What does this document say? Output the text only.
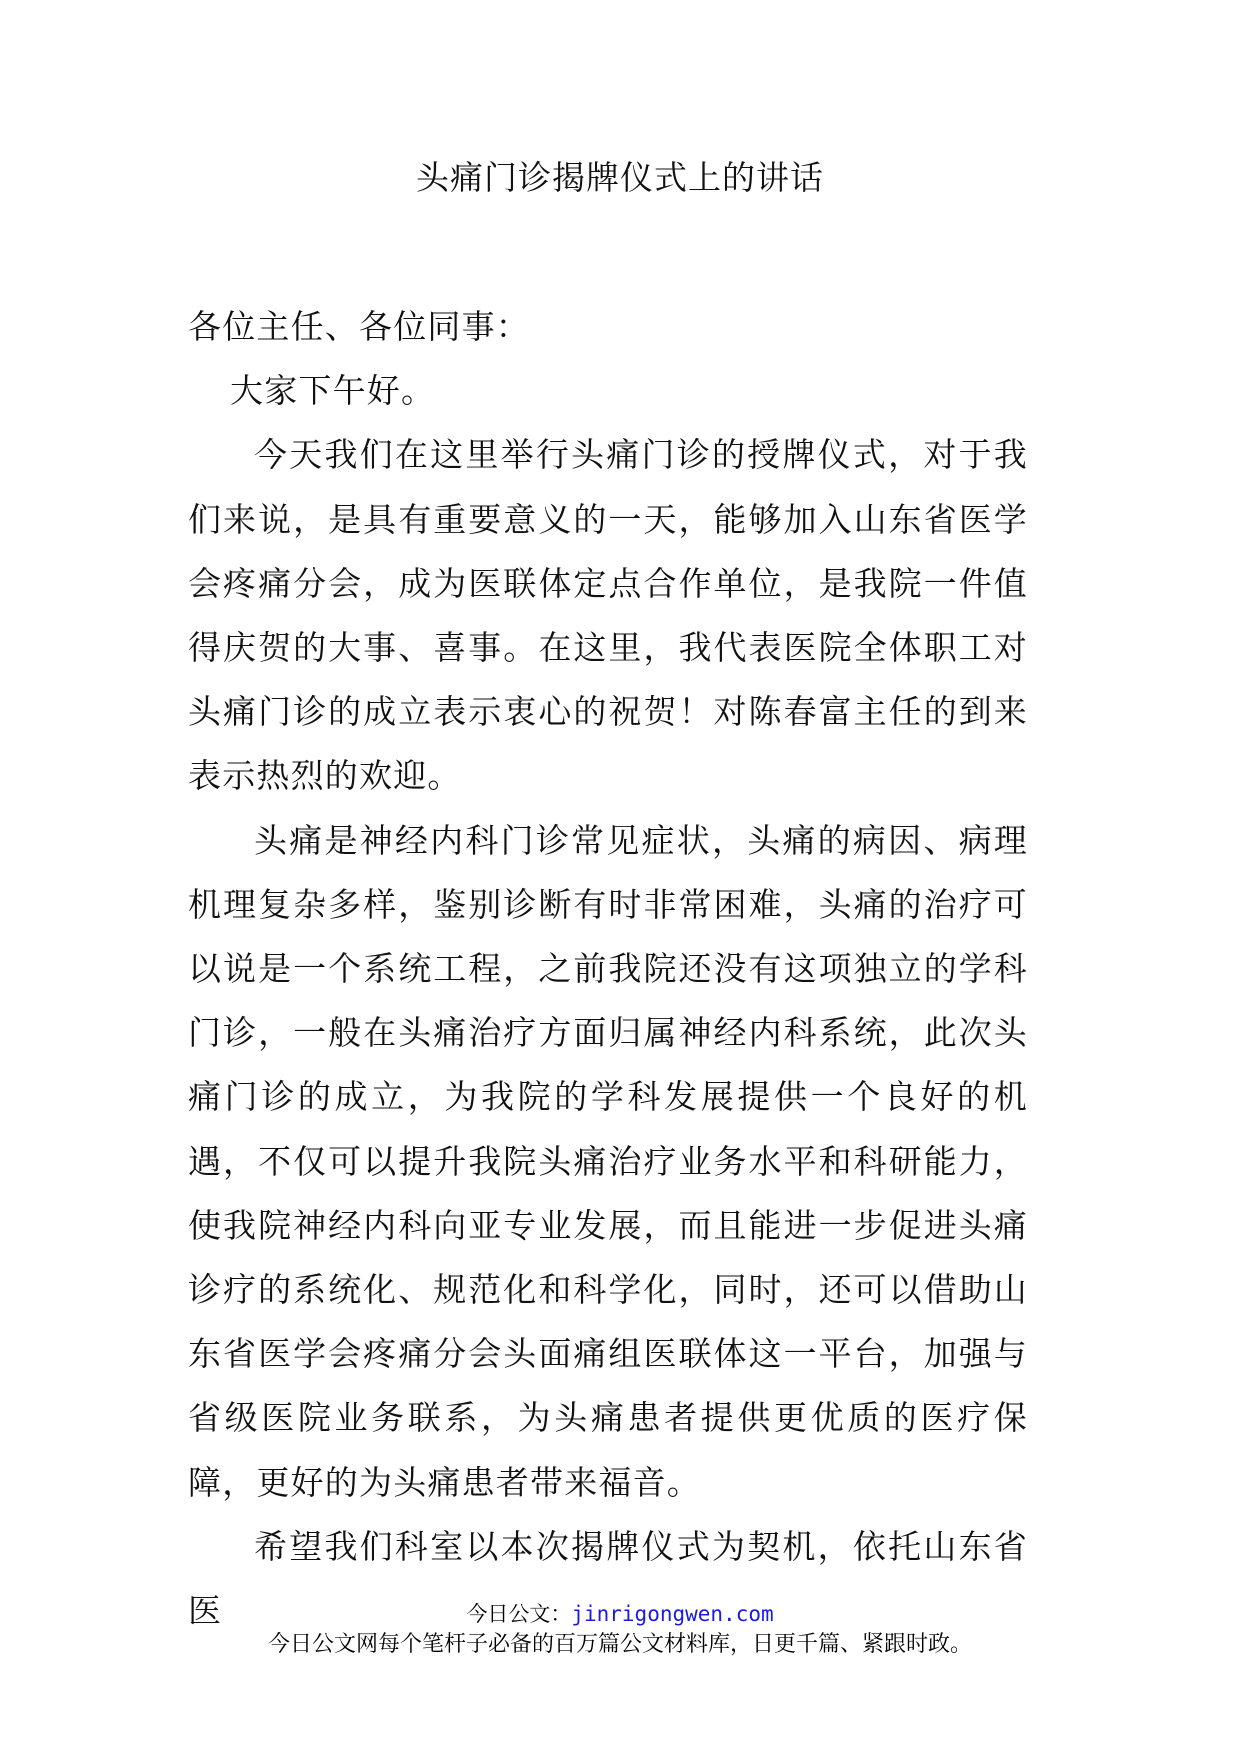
头痛门诊揭牌仪式上的讲话

各位主任、各位同事：

大家下午好。

今天我们在这里举行头痛门诊的授牌仪式，对于我们来说，是具有重要意义的一天，能够加入山东省医学会疼痛分会，成为医联体定点合作单位，是我院一件值得庆贺的大事、喜事。在这里，我代表医院全体职工对头痛门诊的成立表示衷心的祝贺！对陈春富主任的到来表示热烈的欢迎。

头痛是神经内科门诊常见症状，头痛的病因、病理机理复杂多样，鉴别诊断有时非常困难，头痛的治疗可以说是一个系统工程，之前我院还没有这项独立的学科门诊，一般在头痛治疗方面归属神经内科系统，此次头痛门诊的成立，为我院的学科发展提供一个良好的机遇，不仅可以提升我院头痛治疗业务水平和科研能力，使我院神经内科向亚专业发展，而且能进一步促进头痛诊疗的系统化、规范化和科学化，同时，还可以借助山东省医学会疼痛分会头面痛组医联体这一平台，加强与省级医院业务联系，为头痛患者提供更优质的医疗保障，更好的为头痛患者带来福音。

希望我们科室以本次揭牌仪式为契机，依托山东省医	今日公文：jinrigongwen.com
今日公文网每个笔杆子必备的百万篇公文材料库，日更千篇、紧跟时政。
